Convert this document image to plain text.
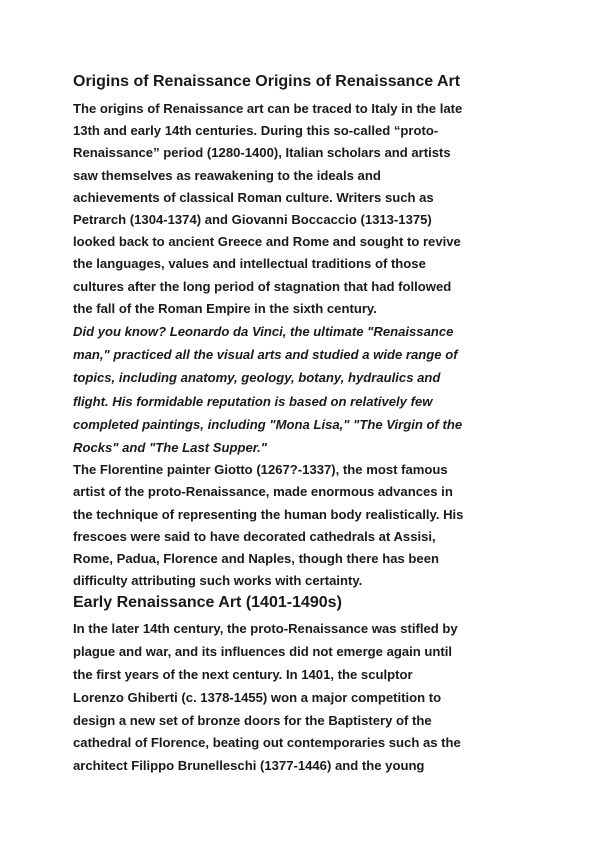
Origins of Renaissance Origins of Renaissance Art

The origins of Renaissance art can be traced to Italy in the late
13th and early 14th centuries. During this so-called “proto-
Renaissance” period (1280-1400), Italian scholars and artists
saw themselves as reawakening to the ideals and
achievements of classical Roman culture. Writers such as
Petrarch (1304-1374) and Giovanni Boccaccio (1313-1375)
looked back to ancient Greece and Rome and sought to revive
the languages, values and intellectual traditions of those
cultures after the long period of stagnation that had followed
the fall of the Roman Empire in the sixth century.

Did you know? Leonardo da Vinci, the ultimate "Renaissance
man," practiced all the visual arts and studied a wide range of
topics, including anatomy, geology, botany, hydraulics and
flight. His formidable reputation is based on relatively few
completed paintings, including "Mona Lisa," "The Virgin of the
Rocks" and "The Last Supper."

The Florentine painter Giotto (1267?-1337), the most famous
artist of the proto-Renaissance, made enormous advances in
the technique of representing the human body realistically. His
frescoes were said to have decorated cathedrals at Assisi,
Rome, Padua, Florence and Naples, though there has been
difficulty attributing such works with certainty.

Early Renaissance Art (1401-1490s)

In the later 14th century, the proto-Renaissance was stifled by
plague and war, and its influences did not emerge again until
the first years of the next century. In 1401, the sculptor
Lorenzo Ghiberti (c. 1378-1455) won a major competition to
design a new set of bronze doors for the Baptistery of the
cathedral of Florence, beating out contemporaries such as the
architect Filippo Brunelleschi (1377-1446) and the young
